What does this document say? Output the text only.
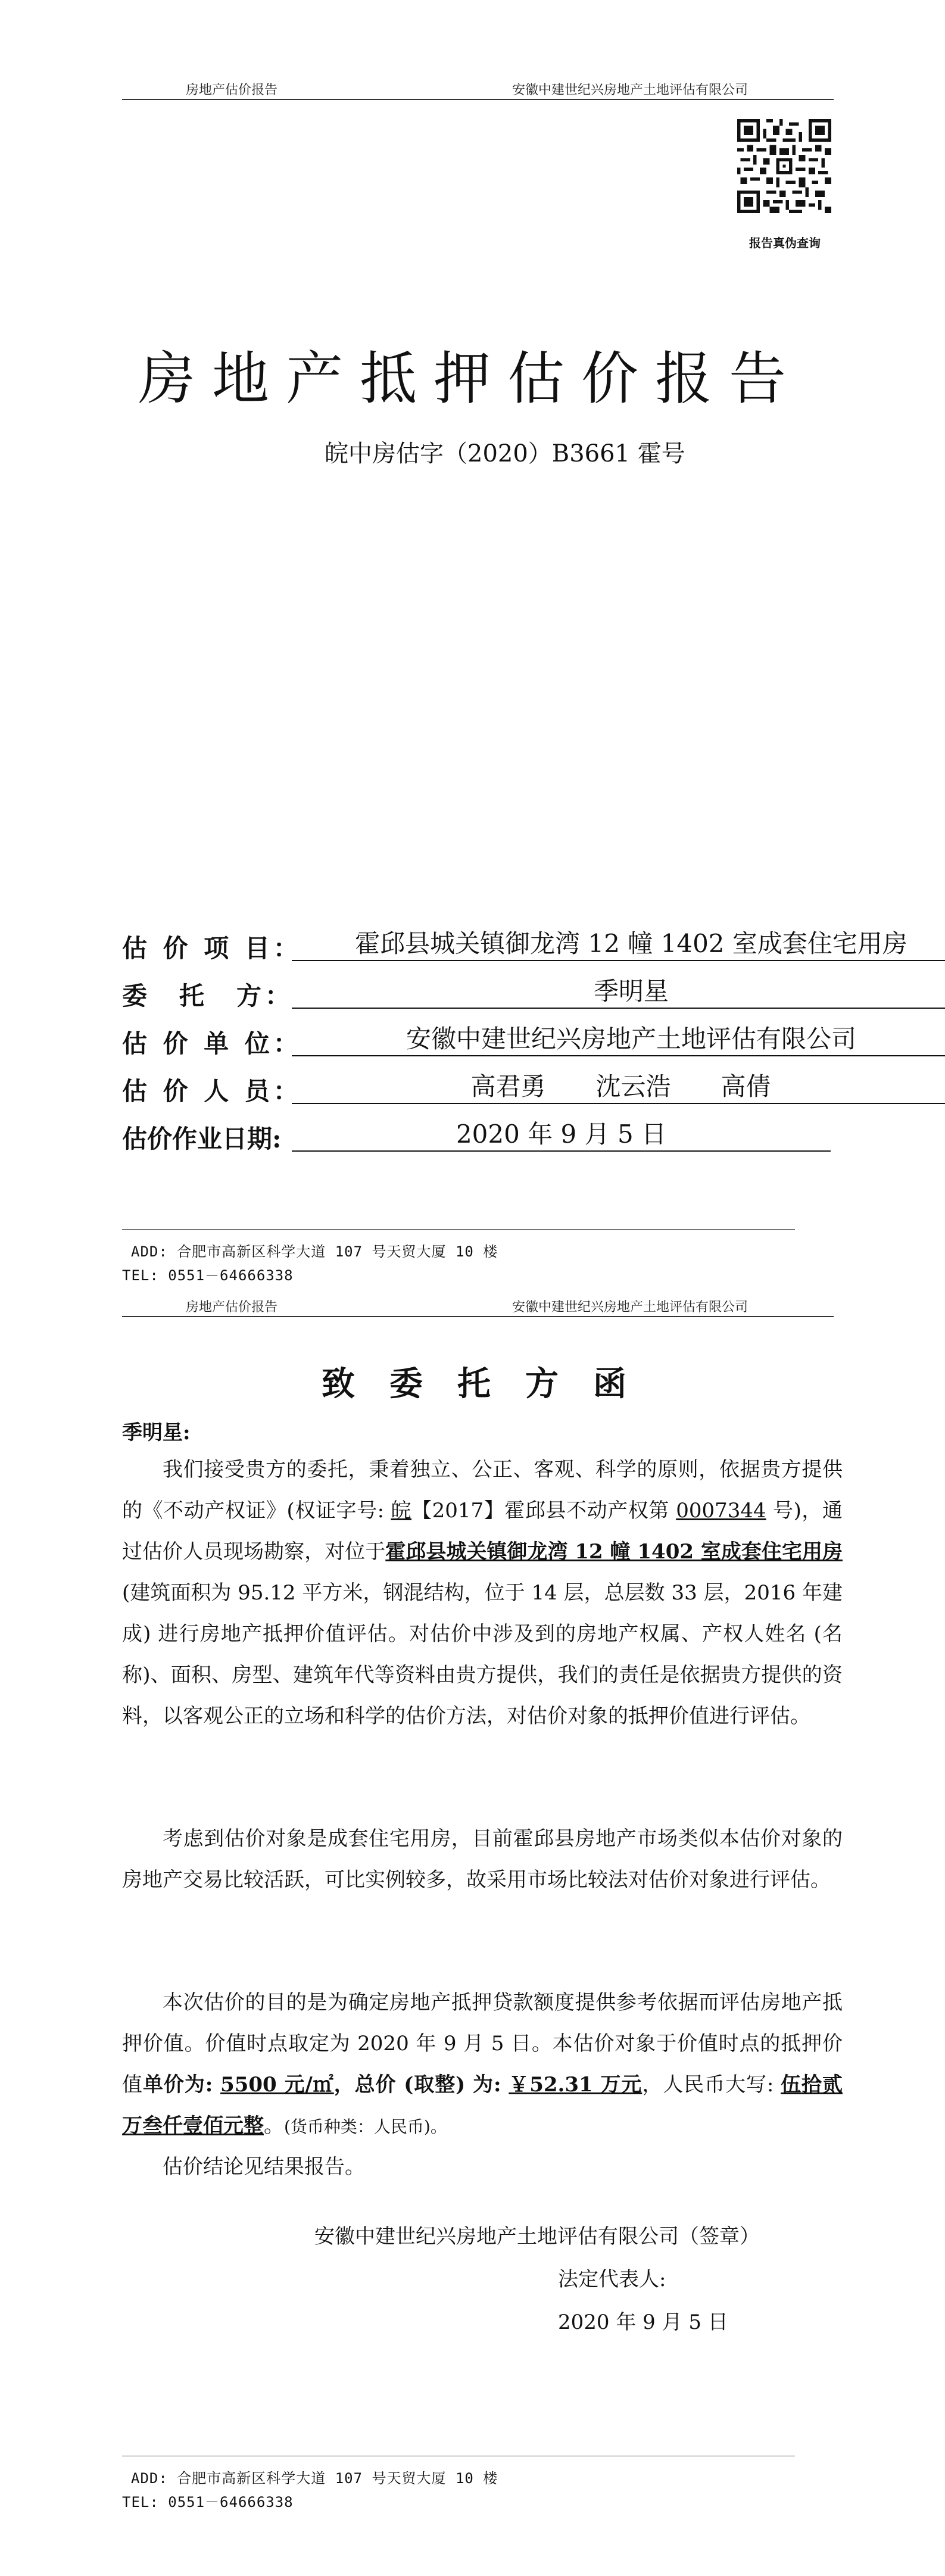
房地产估价报告	安徽中建世纪兴房地产土地评估有限公司
报告真伪查询
房地产抵押估价报告
皖中房估字（2020）B3661 霍号
估 价 项 目：	霍邱县城关镇御龙湾 12 幢 1402 室成套住宅用房
委　托　方：	季明星
估 价 单 位：	安徽中建世纪兴房地产土地评估有限公司
估 价 人 员：	高君勇　　沈云浩　　高倩
估价作业日期:	2020 年 9 月 5 日
ADD: 合肥市高新区科学大道 107 号天贸大厦 10 楼
TEL: 0551－64666338
房地产估价报告	安徽中建世纪兴房地产土地评估有限公司
致委托方函
季明星:
我们接受贵方的委托，秉着独立、公正、客观、科学的原则，依据贵方提供的《不动产权证》(权证字号: 皖【2017】霍邱县不动产权第 0007344 号)，通过估价人员现场勘察，对位于霍邱县城关镇御龙湾 12 幢 1402 室成套住宅用房(建筑面积为 95.12 平方米，钢混结构，位于 14 层，总层数 33 层，2016 年建成) 进行房地产抵押价值评估。对估价中涉及到的房地产权属、产权人姓名 (名称)、面积、房型、建筑年代等资料由贵方提供，我们的责任是依据贵方提供的资料，以客观公正的立场和科学的估价方法，对估价对象的抵押价值进行评估。
考虑到估价对象是成套住宅用房，目前霍邱县房地产市场类似本估价对象的房地产交易比较活跃，可比实例较多，故采用市场比较法对估价对象进行评估。
本次估价的目的是为确定房地产抵押贷款额度提供参考依据而评估房地产抵押价值。价值时点取定为 2020 年 9 月 5 日。本估价对象于价值时点的抵押价值单价为: 5500 元/㎡，总价 (取整) 为: ￥52.31 万元，人民币大写: 伍拾贰万叁仟壹佰元整。(货币种类：人民币)。
估价结论见结果报告。
安徽中建世纪兴房地产土地评估有限公司（签章）
法定代表人:
2020 年 9 月 5 日
ADD: 合肥市高新区科学大道 107 号天贸大厦 10 楼
TEL: 0551－64666338
